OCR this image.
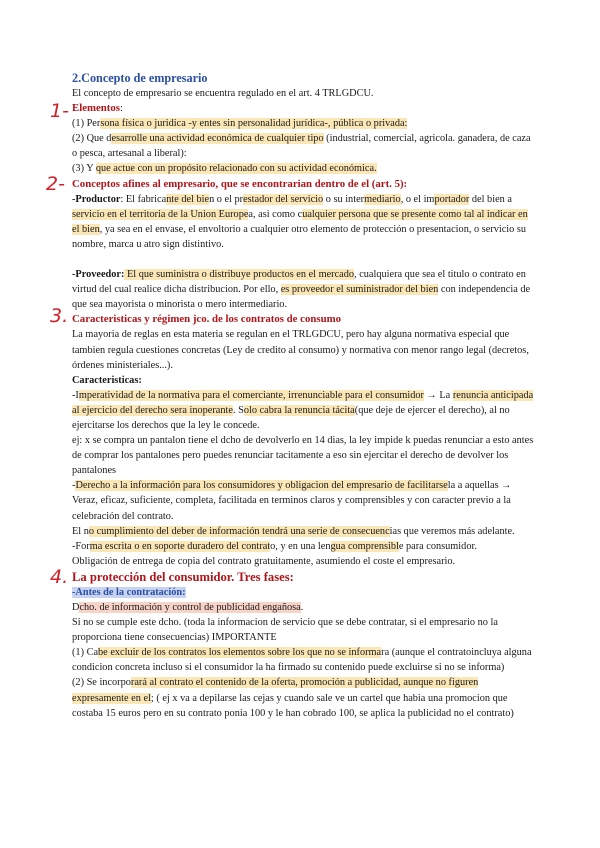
1-
2-
3.
4.

2.Concepto de empresario

El concepto de empresario se encuentra regulado en el art. 4 TRLGDCU.

Elementos:

(1) Persona física o juridica -y entes sin personalidad jurídica-, pública o privada:

(2) Que desarrolle una actividad económica de cualquier tipo (industrial, comercial, agricola. ganadera, de caza o pesca, artesanal a liberal):

(3) Y que actue con un propósito relacionado con su actividad económica.

Conceptos afines al empresario, que se encontrarian dentro de el (art. 5):

-Productor: El fabricante del bien o el prestador del servicio o su intermediario, o el importador del bien a servicio en el territoria de la Union Europea, asi como cualquier persona que se presente como tal al indicar en el bien, ya sea en el envase, el envoltorio a cualquier otro elemento de protección o presentacion, o servicio su nombre, marca u atro sign distintivo.

-Proveedor: El que suministra o distribuye productos en el mercado, cualquiera que sea el titulo o contrato en virtud del cual realice dicha distribucion. Por ello, es proveedor el suministrador del bien con independencia de que sea mayorista o minorista o mero intermediario.

Caracteristicas y régimen jco. de los contratos de consumo

La mayoria de reglas en esta materia se regulan en el TRLGDCU, pero hay alguna normativa especial que tambien regula cuestiones concretas (Ley de credito al consumo) y normativa con menor rango legal (decretos, órdenes ministeriales...).

Caracteristicas:

-Imperatividad de la normativa para el comerciante, irrenunciable para el consumidor → La renuncia anticipada al ejercicio del derecho sera inoperante. Solo cabra la renuncia tácita(que deje de ejercer el derecho), al no ejercitarse los derechos que la ley le concede.

ej: x se compra un pantalon tiene el dcho de devolverlo en 14 dias, la ley impide k puedas renunciar a esto antes de comprar los pantalones pero puedes renunciar tacitamente a eso sin ejercitar el derecho de devolver los pantalones

-Derecho a la información para los consumidores y obligacion del empresario de facilitarsela a aquellas → Veraz, eficaz, suficiente, completa, facilitada en terminos claros y comprensibles y con caracter previo a la celebración del contrato.

El no cumplimiento del deber de información tendrá una serie de consecuencias que veremos más adelante.

-Forma escrita o en soporte duradero del contrato, y en una lengua comprensible para consumidor.

Obligación de entrega de copia del contrato gratuitamente, asumiendo el coste el empresario.

La protección del consumidor. Tres fases:

-Antes de la contratación:

Dcho. de información y control de publicidad engañosa.

Si no se cumple este dcho. (toda la informacion de servicio que se debe contratar, si el empresario no la proporciona tiene consecuencias) IMPORTANTE

(1) Cabe excluir de los contratos los elementos sobre los que no se informara (aunque el contratoincluya alguna condicion concreta incluso si el consumidor la ha firmado su contenido puede excluirse si no se informa)

(2) Se incorporará al contrato el contenido de la oferta, promoción a publicidad, aunque no figuren expresamente en el; ( ej x va a depilarse las cejas y cuando sale ve un cartel que habia una promocion que costaba 15 euros pero en su contrato ponia 100 y le han cobrado 100, se aplica la publicidad no el contrato)
